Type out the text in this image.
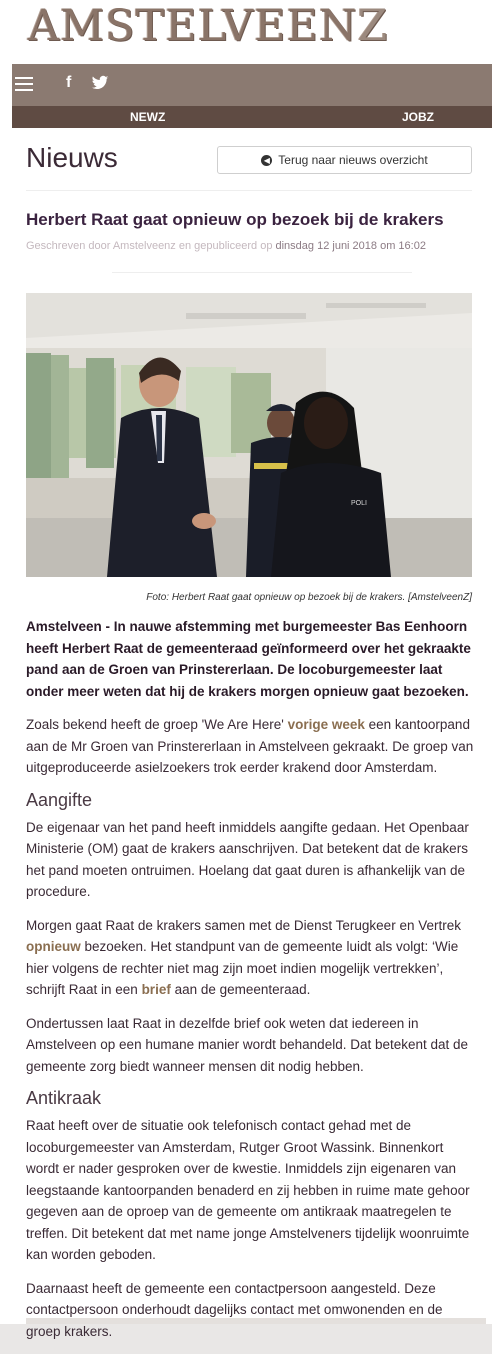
AMSTELVEENZ
f
NEWZ	JOBZ
Nieuws	◀ Terug naar nieuws overzicht
Herbert Raat gaat opnieuw op bezoek bij de krakers
Geschreven door Amstelveenz en gepubliceerd op dinsdag 12 juni 2018 om 16:02
POLI
Foto: Herbert Raat gaat opnieuw op bezoek bij de krakers. [AmstelveenZ]

Amstelveen - In nauwe afstemming met burgemeester Bas Eenhoorn heeft Herbert Raat de gemeenteraad geïnformeerd over het gekraakte pand aan de Groen van Prinstererlaan. De locoburgemeester laat onder meer weten dat hij de krakers morgen opnieuw gaat bezoeken.

Zoals bekend heeft de groep 'We Are Here' vorige week een kantoorpand aan de Mr Groen van Prinstererlaan in Amstelveen gekraakt. De groep van uitgeproduceerde asielzoekers trok eerder krakend door Amsterdam.

Aangifte

De eigenaar van het pand heeft inmiddels aangifte gedaan. Het Openbaar Ministerie (OM) gaat de krakers aanschrijven. Dat betekent dat de krakers het pand moeten ontruimen. Hoelang dat gaat duren is afhankelijk van de procedure.

Morgen gaat Raat de krakers samen met de Dienst Terugkeer en Vertrek opnieuw bezoeken. Het standpunt van de gemeente luidt als volgt: ‘Wie hier volgens de rechter niet mag zijn moet indien mogelijk vertrekken’, schrijft Raat in een brief aan de gemeenteraad.

Ondertussen laat Raat in dezelfde brief ook weten dat iedereen in Amstelveen op een humane manier wordt behandeld. Dat betekent dat de gemeente zorg biedt wanneer mensen dit nodig hebben.

Antikraak

Raat heeft over de situatie ook telefonisch contact gehad met de locoburgemeester van Amsterdam, Rutger Groot Wassink. Binnenkort wordt er nader gesproken over de kwestie. Inmiddels zijn eigenaren van leegstaande kantoorpanden benaderd en zij hebben in ruime mate gehoor gegeven aan de oproep van de gemeente om antikraak maatregelen te treffen. Dit betekent dat met name jonge Amstelveners tijdelijk woonruimte kan worden geboden.

Daarnaast heeft de gemeente een contactpersoon aangesteld. Deze contactpersoon onderhoudt dagelijks contact met omwonenden en de groep krakers.
